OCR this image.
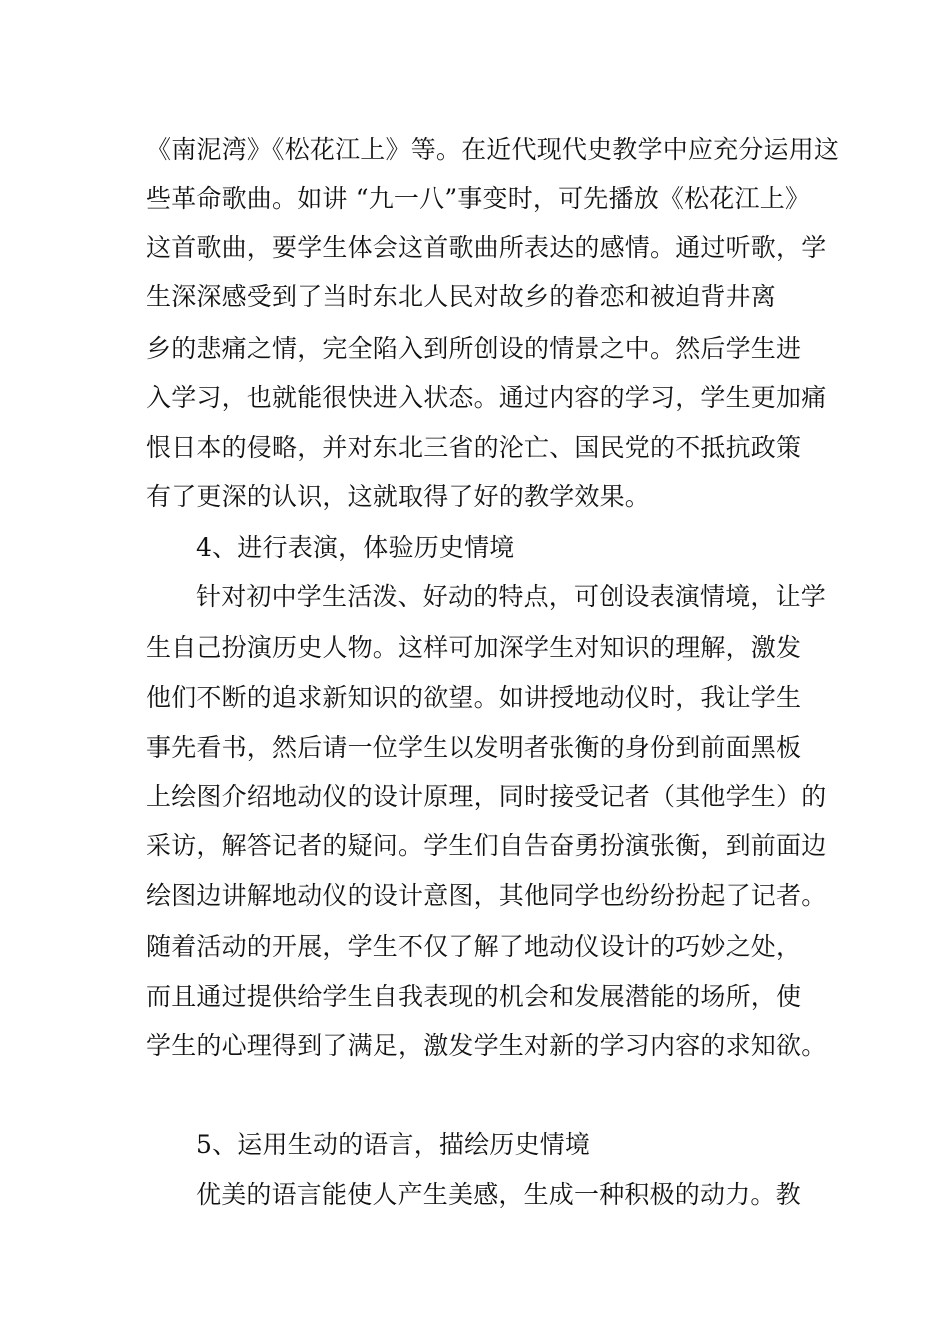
《南泥湾》《松花江上》等。在近代现代史教学中应充分运用这
些革命歌曲。如讲 “九一八”事变时，可先播放《松花江上》
这首歌曲，要学生体会这首歌曲所表达的感情。通过听歌，学
生深深感受到了当时东北人民对故乡的眷恋和被迫背井离
乡的悲痛之情，完全陷入到所创设的情景之中。然后学生进
入学习，也就能很快进入状态。通过内容的学习，学生更加痛
恨日本的侵略，并对东北三省的沦亡、国民党的不抵抗政策
有了更深的认识，这就取得了好的教学效果。
4、进行表演，体验历史情境
针对初中学生活泼、好动的特点，可创设表演情境，让学
生自己扮演历史人物。这样可加深学生对知识的理解，激发
他们不断的追求新知识的欲望。如讲授地动仪时，我让学生
事先看书，然后请一位学生以发明者张衡的身份到前面黑板
上绘图介绍地动仪的设计原理，同时接受记者（其他学生）的
采访，解答记者的疑问。学生们自告奋勇扮演张衡，到前面边
绘图边讲解地动仪的设计意图，其他同学也纷纷扮起了记者。
随着活动的开展，学生不仅了解了地动仪设计的巧妙之处，
而且通过提供给学生自我表现的机会和发展潜能的场所，使
学生的心理得到了满足，激发学生对新的学习内容的求知欲。
5、运用生动的语言，描绘历史情境
优美的语言能使人产生美感，生成一种积极的动力。教
